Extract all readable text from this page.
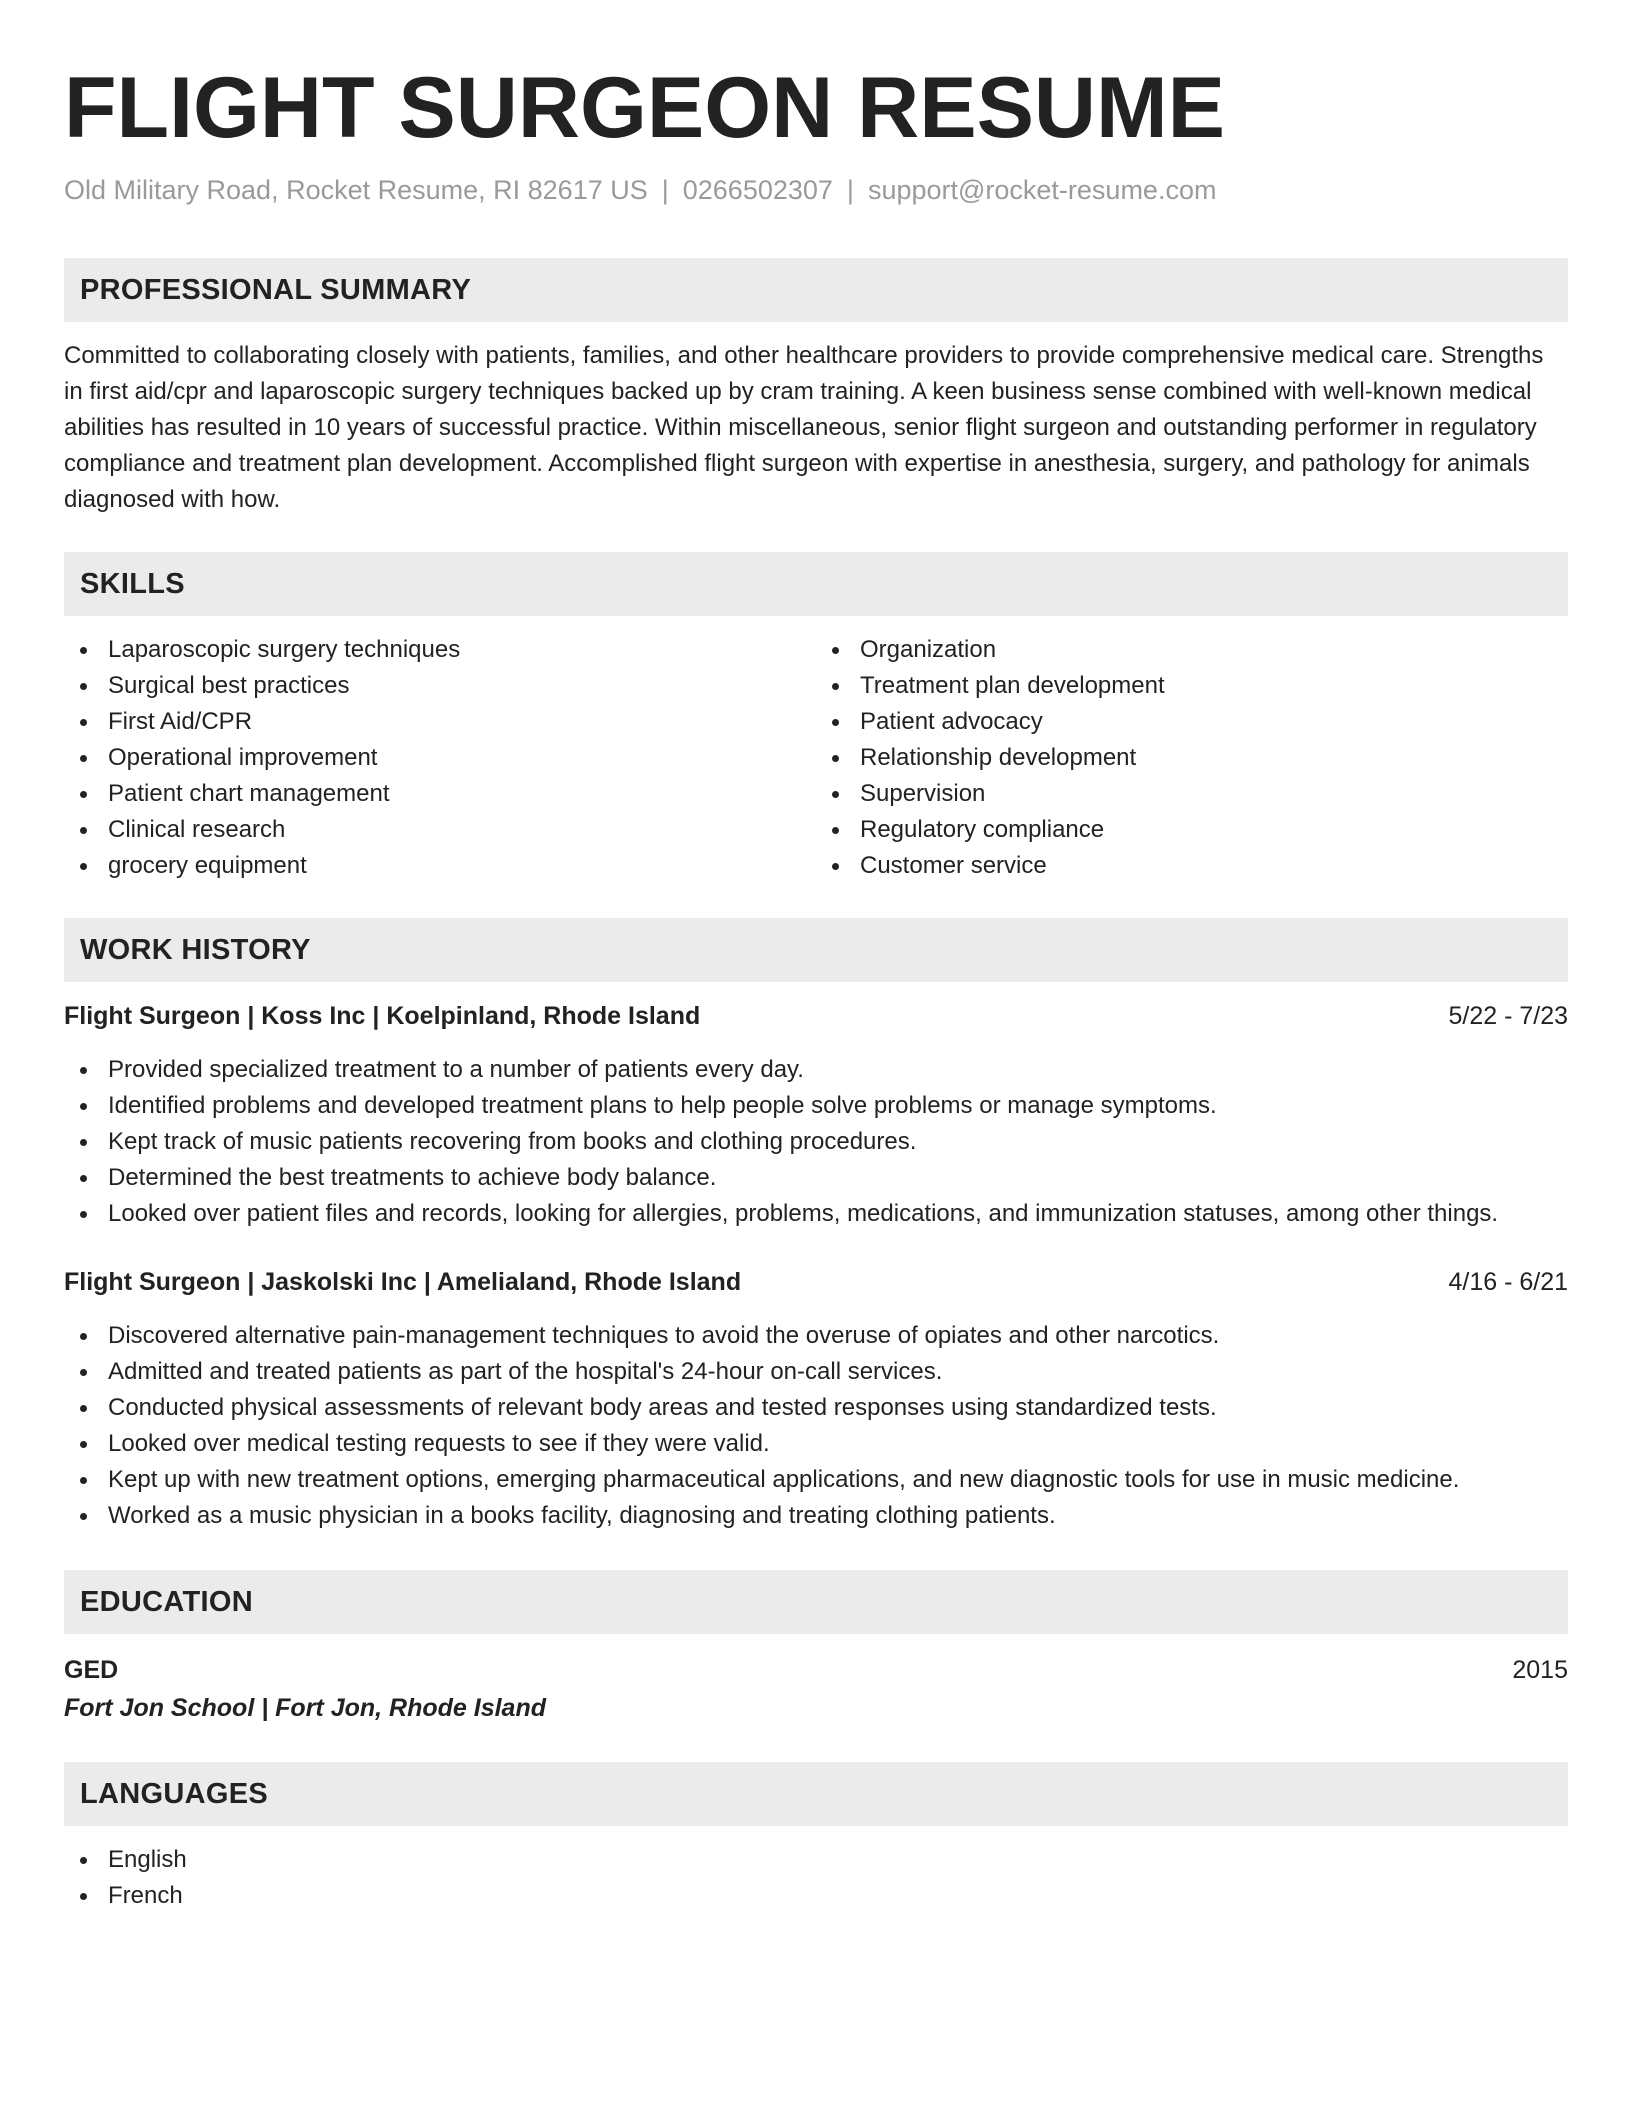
FLIGHT SURGEON RESUME
Old Military Road, Rocket Resume, RI 82617 US | 0266502307 | support@rocket-resume.com
PROFESSIONAL SUMMARY

Committed to collaborating closely with patients, families, and other healthcare providers to provide comprehensive medical care. Strengths in first aid/cpr and laparoscopic surgery techniques backed up by cram training. A keen business sense combined with well-known medical abilities has resulted in 10 years of successful practice. Within miscellaneous, senior flight surgeon and outstanding performer in regulatory compliance and treatment plan development. Accomplished flight surgeon with expertise in anesthesia, surgery, and pathology for animals diagnosed with how.

SKILLS
Laparoscopic surgery techniques
Surgical best practices
First Aid/CPR
Operational improvement
Patient chart management
Clinical research
grocery equipment
Organization
Treatment plan development
Patient advocacy
Relationship development
Supervision
Regulatory compliance
Customer service
WORK HISTORY
Flight Surgeon | Koss Inc | Koelpinland, Rhode Island	5/22 - 7/23
Provided specialized treatment to a number of patients every day.
Identified problems and developed treatment plans to help people solve problems or manage symptoms.
Kept track of music patients recovering from books and clothing procedures.
Determined the best treatments to achieve body balance.
Looked over patient files and records, looking for allergies, problems, medications, and immunization statuses, among other things.
Flight Surgeon | Jaskolski Inc | Amelialand, Rhode Island	4/16 - 6/21
Discovered alternative pain-management techniques to avoid the overuse of opiates and other narcotics.
Admitted and treated patients as part of the hospital's 24-hour on-call services.
Conducted physical assessments of relevant body areas and tested responses using standardized tests.
Looked over medical testing requests to see if they were valid.
Kept up with new treatment options, emerging pharmaceutical applications, and new diagnostic tools for use in music medicine.
Worked as a music physician in a books facility, diagnosing and treating clothing patients.
EDUCATION
GED	2015
Fort Jon School | Fort Jon, Rhode Island
LANGUAGES
English
French
